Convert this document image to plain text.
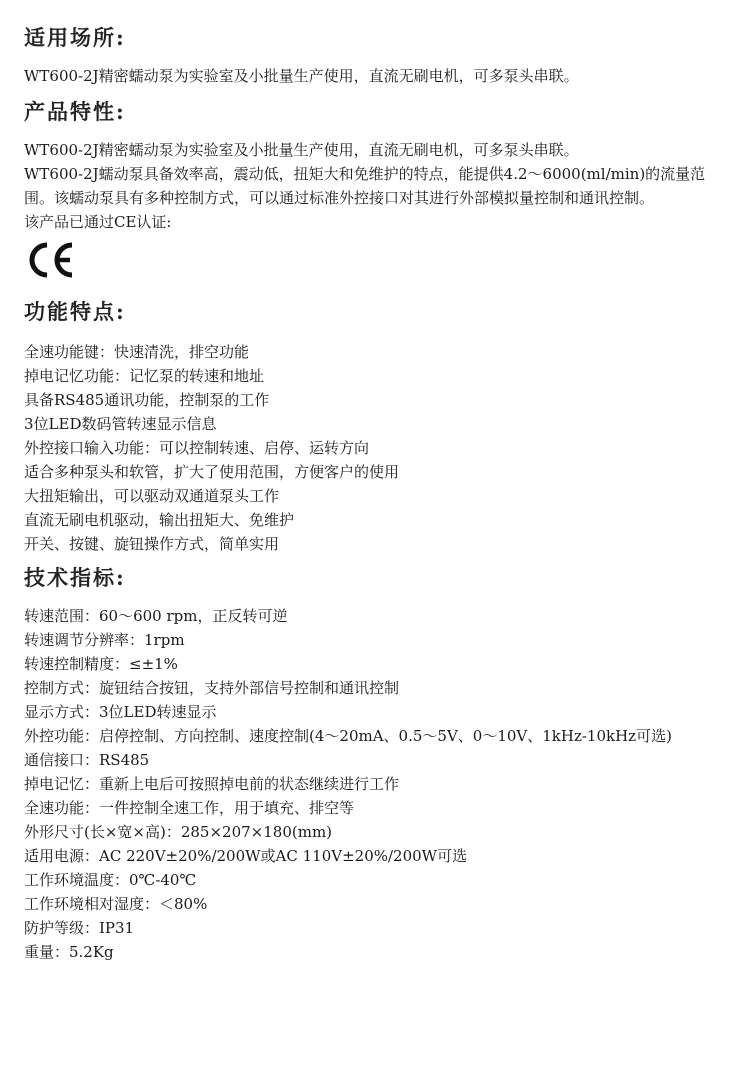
适用场所:

WT600-2J精密蠕动泵为实验室及小批量生产使用，直流无刷电机，可多泵头串联。

产品特性:

WT600-2J精密蠕动泵为实验室及小批量生产使用，直流无刷电机，可多泵头串联。

WT600-2J蠕动泵具备效率高，震动低，扭矩大和免维护的特点，能提供4.2～6000(ml/min)的流量范围。该蠕动泵具有多种控制方式，可以通过标准外控接口对其进行外部模拟量控制和通讯控制。

该产品已通过CE认证:

功能特点:
全速功能键：快速清洗，排空功能
掉电记忆功能：记忆泵的转速和地址
具备RS485通讯功能，控制泵的工作
3位LED数码管转速显示信息
外控接口输入功能：可以控制转速、启停、运转方向
适合多种泵头和软管，扩大了使用范围，方便客户的使用
大扭矩输出，可以驱动双通道泵头工作
直流无刷电机驱动，输出扭矩大、免维护
开关、按键、旋钮操作方式，简单实用
技术指标:
转速范围：60～600 rpm，正反转可逆
转速调节分辨率：1rpm
转速控制精度：≤±1%
控制方式：旋钮结合按钮，支持外部信号控制和通讯控制
显示方式：3位LED转速显示
外控功能：启停控制、方向控制、速度控制(4～20mA、0.5～5V、0～10V、1kHz-10kHz可选)
通信接口：RS485
掉电记忆：重新上电后可按照掉电前的状态继续进行工作
全速功能：一件控制全速工作，用于填充、排空等
外形尺寸(长×宽×高)：285×207×180(mm)
适用电源：AC 220V±20%/200W或AC 110V±20%/200W可选
工作环境温度：0℃-40℃
工作环境相对湿度：＜80%
防护等级：IP31
重量：5.2Kg
